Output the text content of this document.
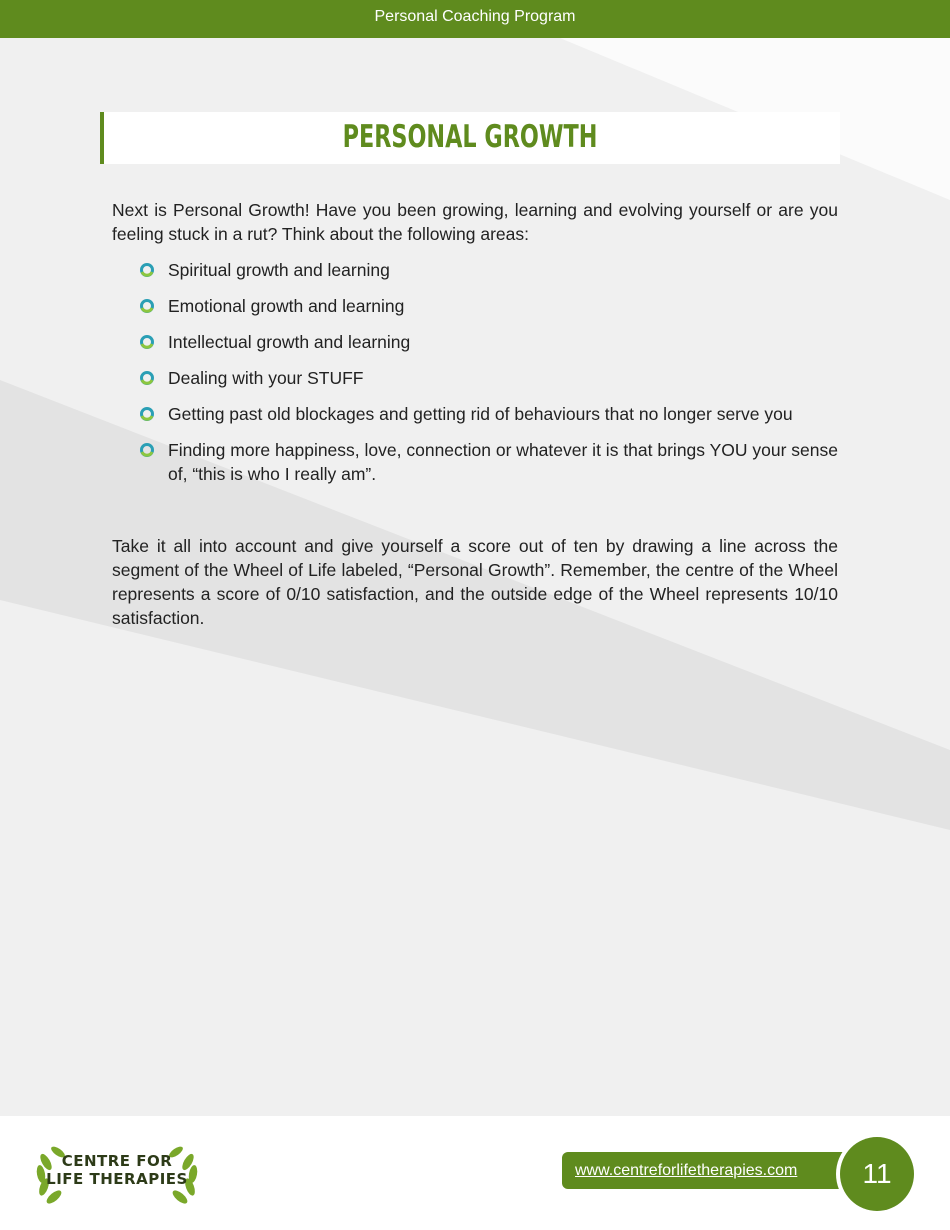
Personal Coaching Program
PERSONAL GROWTH

Next is Personal Growth! Have you been growing, learning and evolving yourself or are you feeling stuck in a rut? Think about the following areas:

Spiritual growth and learning
Emotional growth and learning
Intellectual growth and learning
Dealing with your STUFF
Getting past old blockages and getting rid of behaviours that no longer serve you
Finding more happiness, love, connection or whatever it is that brings YOU your sense of, “this is who I really am”.

Take it all into account and give yourself a score out of ten by drawing a line across the segment of the Wheel of Life labeled, “Personal Growth”. Remember, the centre of the Wheel represents a score of 0/10 satisfaction, and the outside edge of the Wheel represents 10/10 satisfaction.

CENTRE FOR
LIFE THERAPIES	www.centreforlifetherapies.com	11
